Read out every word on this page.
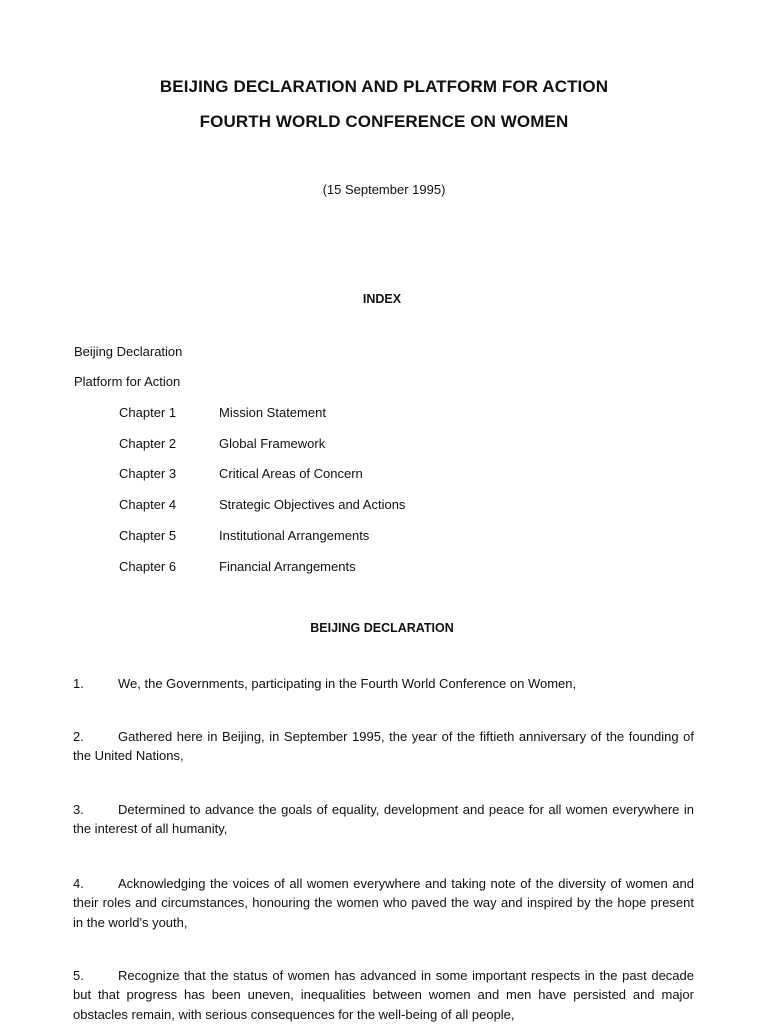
BEIJING DECLARATION AND PLATFORM FOR ACTION
FOURTH WORLD CONFERENCE ON WOMEN
(15 September 1995)
INDEX
Beijing Declaration
Platform for Action
Chapter 1	Mission Statement
Chapter 2	Global Framework
Chapter 3	Critical Areas of Concern
Chapter 4	Strategic Objectives and Actions
Chapter 5	Institutional Arrangements
Chapter 6	Financial Arrangements
BEIJING DECLARATION
1.	We, the Governments, participating in the Fourth World Conference on Women,
2.	Gathered here in Beijing, in September 1995, the year of the fiftieth anniversary of the founding of the United Nations,
3.	Determined to advance the goals of equality, development and peace for all women everywhere in the interest of all humanity,
4.	Acknowledging the voices of all women everywhere and taking note of the diversity of women and their roles and circumstances, honouring the women who paved the way and inspired by the hope present in the world's youth,
5.	Recognize that the status of women has advanced in some important respects in the past decade but that progress has been uneven, inequalities between women and men have persisted and major obstacles remain, with serious consequences for the well-being of all people,
